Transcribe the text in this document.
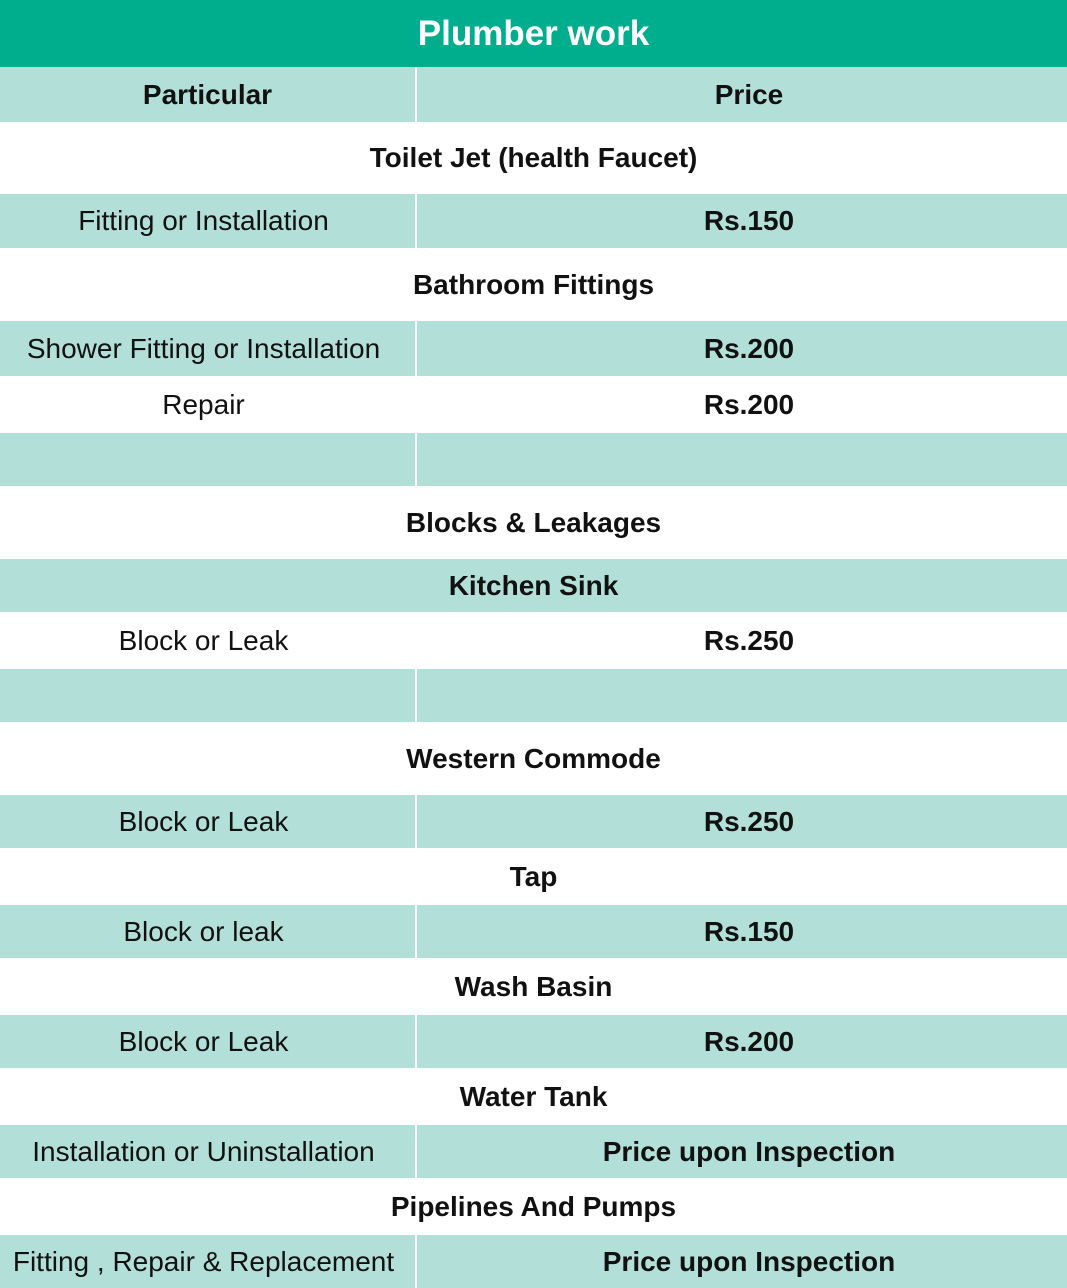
Plumber work
Particular	Price
Toilet Jet (health Faucet)
Fitting or Installation	Rs.150
Bathroom Fittings
Shower Fitting or Installation	Rs.200
Repair	Rs.200
Blocks & Leakages
Kitchen Sink
Block or Leak	Rs.250
Western Commode
Block or Leak	Rs.250
Tap
Block or leak	Rs.150
Wash Basin
Block or Leak	Rs.200
Water Tank
Installation or Uninstallation	Price upon Inspection
Pipelines And Pumps
Fitting , Repair & Replacement	Price upon Inspection
